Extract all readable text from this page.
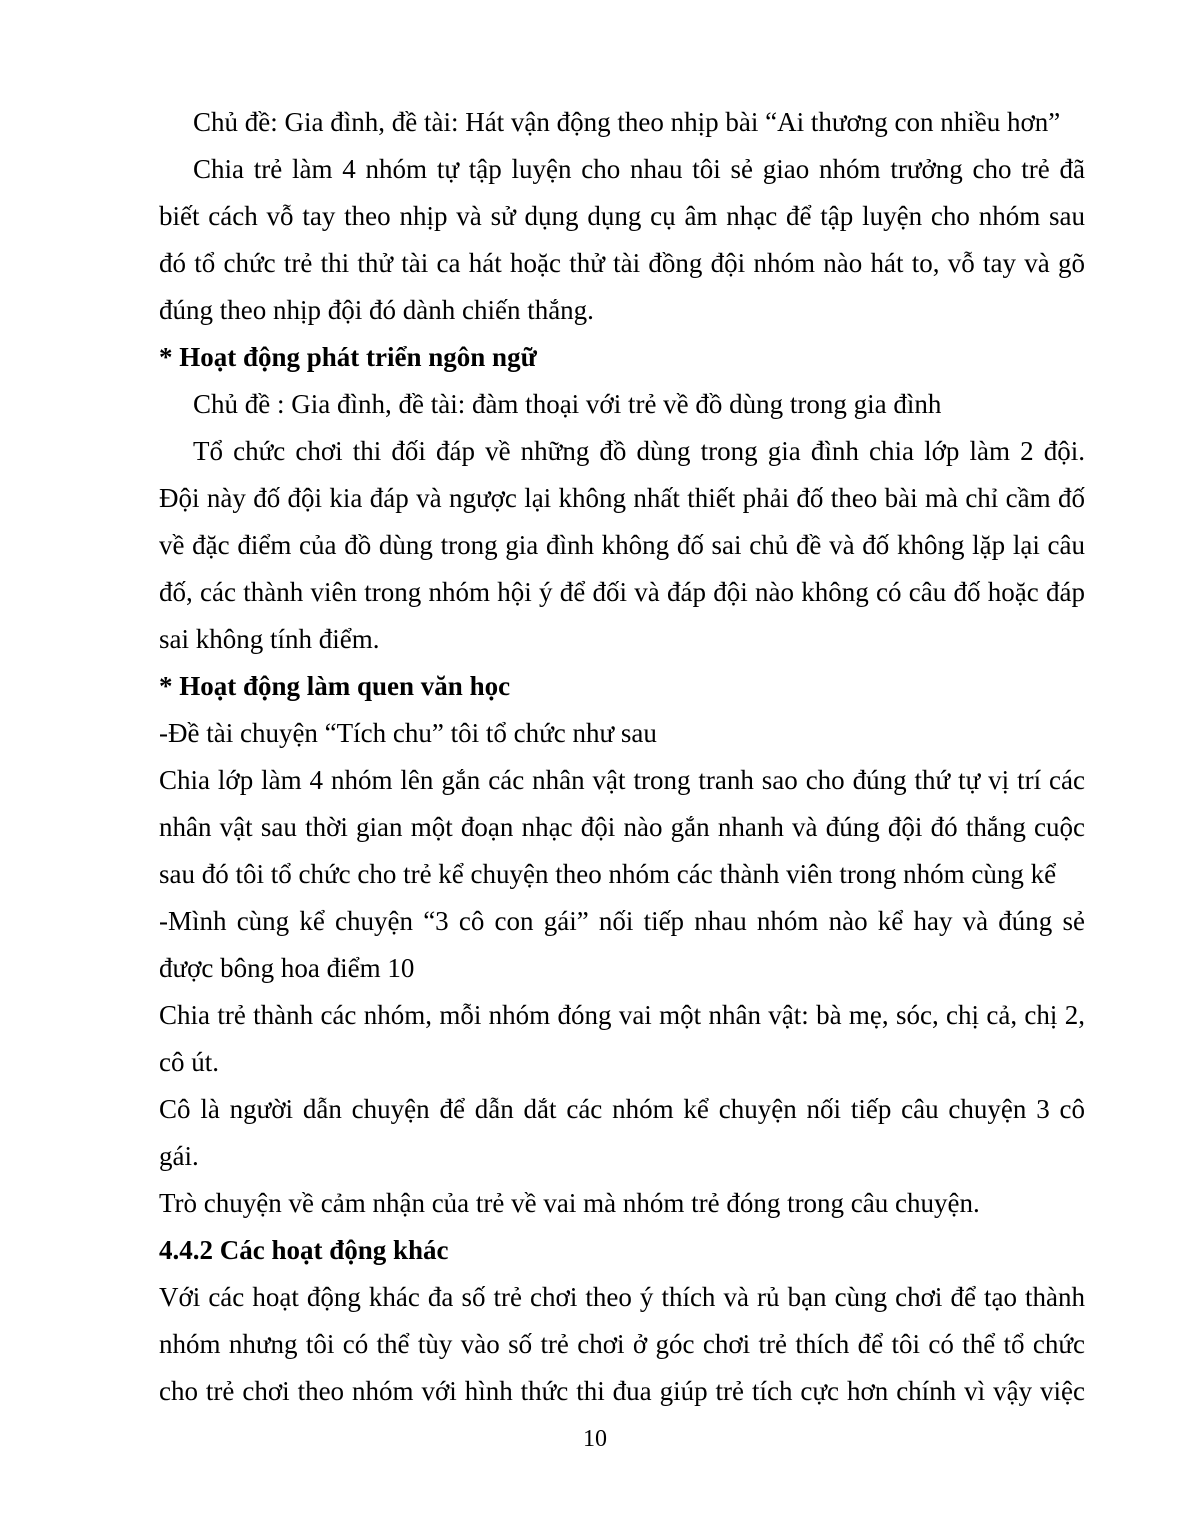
Chủ đề: Gia đình, đề tài: Hát vận động theo nhịp bài “Ai thương con nhiều hơn”
Chia trẻ làm 4 nhóm tự tập luyện cho nhau tôi sẻ giao nhóm trưởng cho trẻ đã
biết cách vỗ tay theo nhịp và sử dụng dụng cụ âm nhạc để tập luyện cho nhóm sau
đó tổ chức trẻ thi thử tài ca hát hoặc thử tài đồng đội nhóm nào hát to, vỗ tay và gõ
đúng theo nhịp đội đó dành chiến thắng.
* Hoạt động phát triển ngôn ngữ
Chủ đề : Gia đình, đề tài: đàm thoại với trẻ về đồ dùng trong gia đình
Tổ chức chơi thi đối đáp về những đồ dùng trong gia đình chia lớp làm 2 đội.
Đội này đố đội kia đáp và ngược lại không nhất thiết phải đố theo bài mà chỉ cầm đố
về đặc điểm của đồ dùng trong gia đình không đố sai chủ đề và đố không lặp lại câu
đố, các thành viên trong nhóm hội ý để đối và đáp đội nào không có câu đố hoặc đáp
sai không tính điểm.
* Hoạt động làm quen văn học
-Đề tài chuyện “Tích chu” tôi tổ chức như sau
Chia lớp làm 4 nhóm lên gắn các nhân vật trong tranh sao cho đúng thứ tự vị trí các
nhân vật sau thời gian một đoạn nhạc đội nào gắn nhanh và đúng đội đó thắng cuộc
sau đó tôi tổ chức cho trẻ kể chuyện theo nhóm các thành viên trong nhóm cùng kể
-Mình cùng kể chuyện “3 cô con gái” nối tiếp nhau nhóm nào kể hay và đúng sẻ
được bông hoa điểm 10
Chia trẻ thành các nhóm, mỗi nhóm đóng vai một nhân vật: bà mẹ, sóc, chị cả, chị 2,
cô út.
Cô là người dẫn chuyện để dẫn dắt các nhóm kể chuyện nối tiếp câu chuyện 3 cô
gái.
Trò chuyện về cảm nhận của trẻ về vai mà nhóm trẻ đóng trong câu chuyện.
4.4.2 Các hoạt động khác
Với các hoạt động khác đa số trẻ chơi theo ý thích và rủ bạn cùng chơi để tạo thành
nhóm nhưng tôi có thể tùy vào số trẻ chơi ở góc chơi trẻ thích để tôi có thể tổ chức
cho trẻ chơi theo nhóm với hình thức thi đua giúp trẻ tích cực hơn chính vì vậy việc
10
